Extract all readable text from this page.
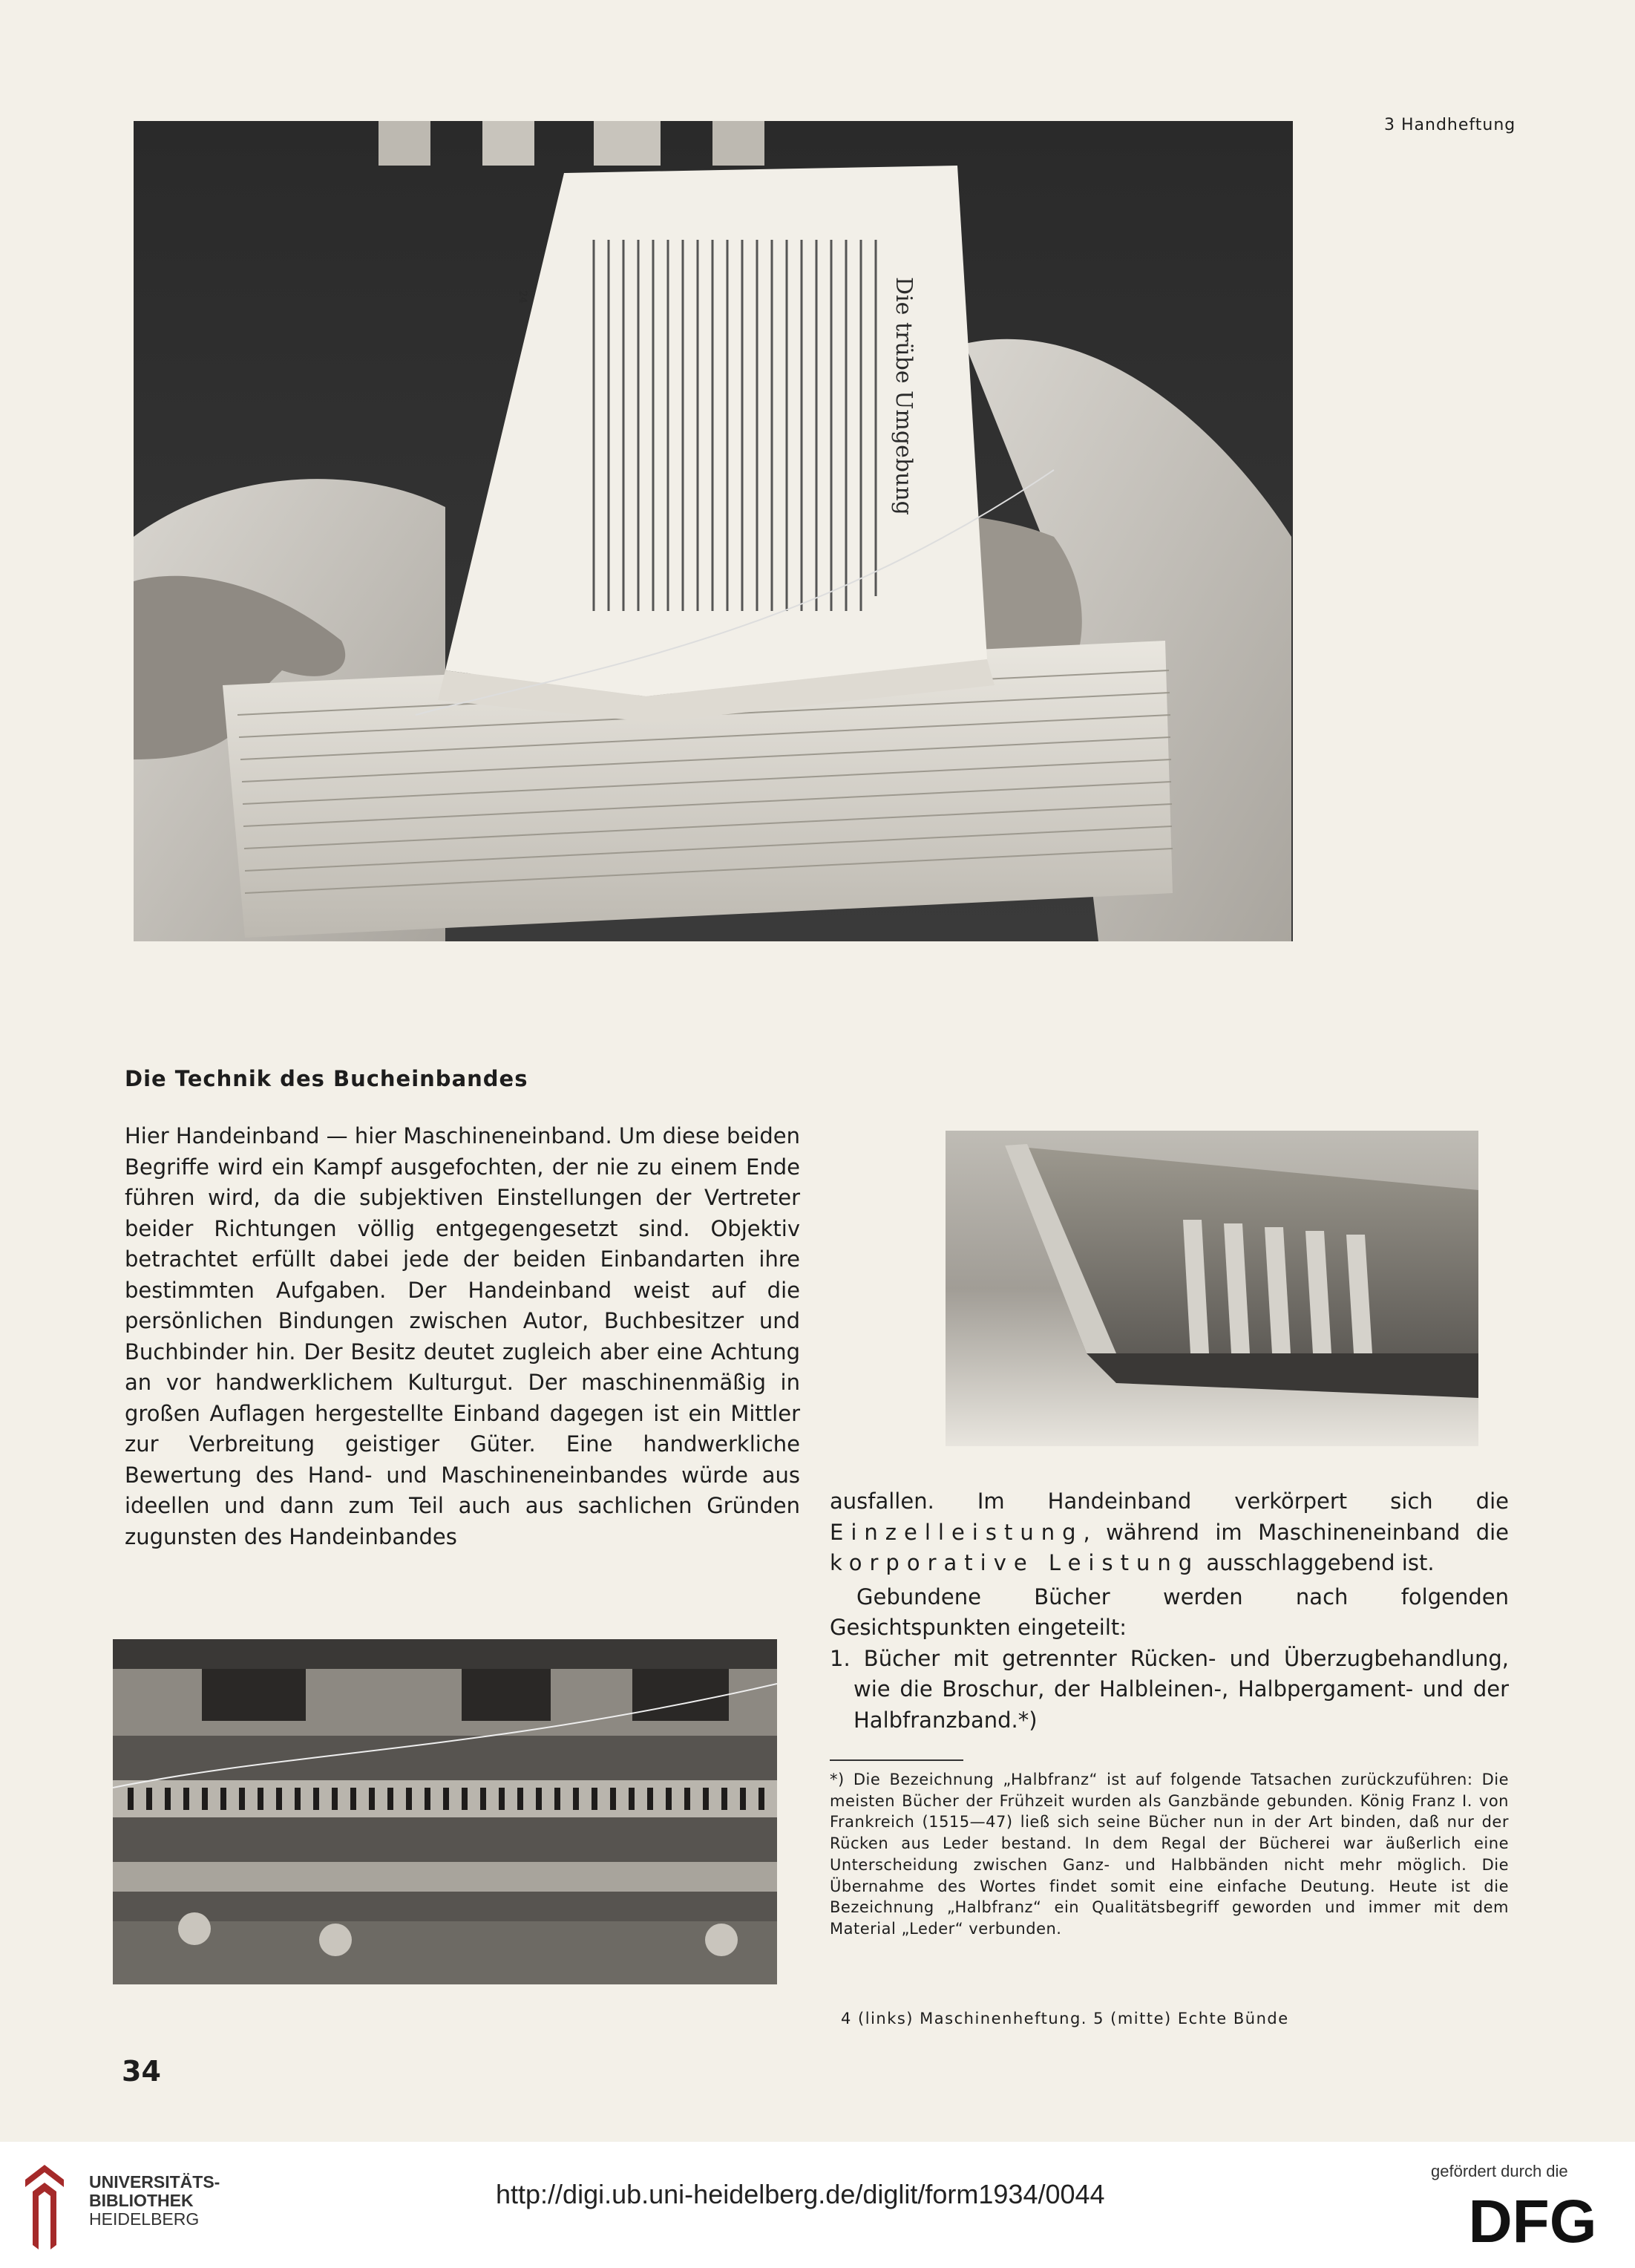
3 Handheftung
Die trübe Umgebung
24
Die Technik des Bucheinbandes
Hier Handeinband — hier Maschineneinband. Um diese beiden Begriffe wird ein Kampf ausgefochten, der nie zu einem Ende führen wird, da die subjektiven Einstellungen der Vertreter beider Richtungen völlig entgegengesetzt sind. Objektiv betrachtet erfüllt dabei jede der beiden Einbandarten ihre bestimmten Aufgaben. Der Handeinband weist auf die persönlichen Bindungen zwischen Autor, Buchbesitzer und Buchbinder hin. Der Besitz deutet zugleich aber eine Achtung an vor handwerklichem Kulturgut. Der maschinenmäßig in großen Auflagen hergestellte Einband dagegen ist ein Mittler zur Verbreitung geistiger Güter. Eine handwerkliche Bewertung des Hand- und Maschineneinbandes würde aus ideellen und dann zum Teil auch aus sachlichen Gründen zugunsten des Handeinbandes

ausfallen. Im Handeinband verkörpert sich die Einzelleistung, während im Maschineneinband die korporative Leistung ausschlaggebend ist.

Gebundene Bücher werden nach folgenden Gesichtspunkten eingeteilt:

1. Bücher mit getrennter Rücken- und Überzugbehandlung, wie die Broschur, der Halbleinen-, Halbpergament- und der Halbfranzband.*)

*) Die Bezeichnung „Halbfranz“ ist auf folgende Tatsachen zurückzuführen: Die meisten Bücher der Frühzeit wurden als Ganzbände gebunden. König Franz I. von Frankreich (1515—47) ließ sich seine Bücher nun in der Art binden, daß nur der Rücken aus Leder bestand. In dem Regal der Bücherei war äußerlich eine Unterscheidung zwischen Ganz- und Halbbänden nicht mehr möglich. Die Übernahme des Wortes findet somit eine einfache Deutung. Heute ist die Bezeichnung „Halbfranz“ ein Qualitätsbegriff geworden und immer mit dem Material „Leder“ verbunden.
4 (links) Maschinenheftung. 5 (mitte) Echte Bünde
34
UNIVERSITÄTS-
BIBLIOTHEK
HEIDELBERG
http://digi.ub.uni-heidelberg.de/diglit/form1934/0044
gefördert durch die
DFG
